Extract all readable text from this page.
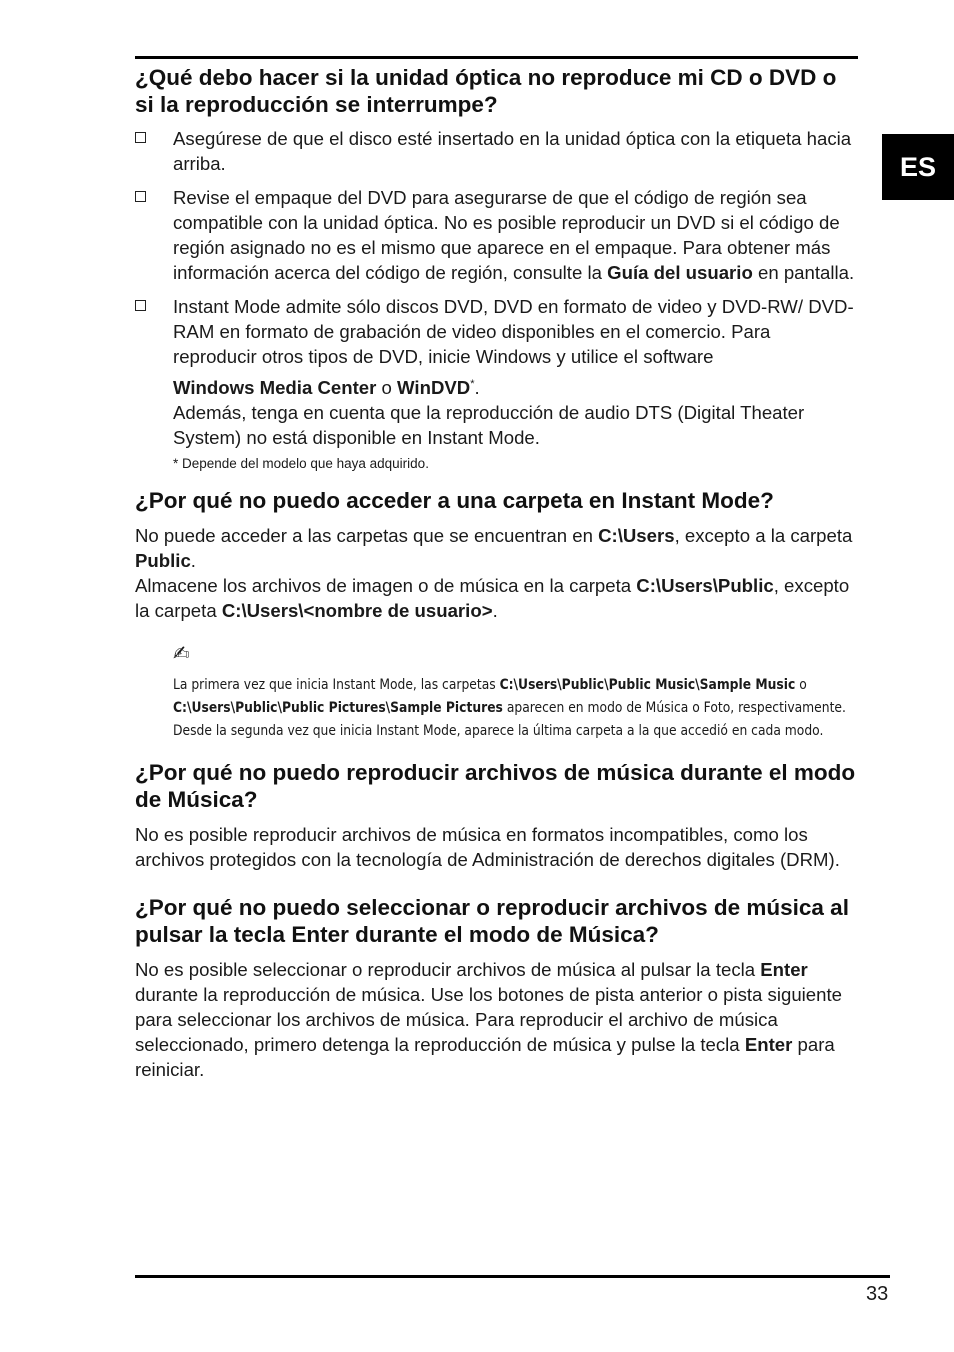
ES
¿Qué debo hacer si la unidad óptica no reproduce mi CD o DVD o si la reproducción se interrumpe?

Asegúrese de que el disco esté insertado en la unidad óptica con la etiqueta hacia arriba.

Revise el empaque del DVD para asegurarse de que el código de región sea compatible con la unidad óptica. No es posible reproducir un DVD si el código de región asignado no es el mismo que aparece en el empaque. Para obtener más información acerca del código de región, consulte la Guía del usuario en pantalla.

Instant Mode admite sólo discos DVD, DVD en formato de video y DVD-RW/ DVD-RAM en formato de grabación de video disponibles en el comercio. Para reproducir otros tipos de DVD, inicie Windows y utilice el software

Windows Media Center o WinDVD*.

Además, tenga en cuenta que la reproducción de audio DTS (Digital Theater System) no está disponible en Instant Mode.

* Depende del modelo que haya adquirido.

¿Por qué no puedo acceder a una carpeta en Instant Mode?

No puede acceder a las carpetas que se encuentran en C:\Users, excepto a la carpeta Public.
Almacene los archivos de imagen o de música en la carpeta C:\Users\Public, excepto la carpeta C:\Users\<nombre de usuario>.

✍

La primera vez que inicia Instant Mode, las carpetas C:\Users\Public\Public Music\Sample Music o C:\Users\Public\Public Pictures\Sample Pictures aparecen en modo de Música o Foto, respectivamente. Desde la segunda vez que inicia Instant Mode, aparece la última carpeta a la que accedió en cada modo.

¿Por qué no puedo reproducir archivos de música durante el modo de Música?

No es posible reproducir archivos de música en formatos incompatibles, como los archivos protegidos con la tecnología de Administración de derechos digitales (DRM).

¿Por qué no puedo seleccionar o reproducir archivos de música al pulsar la tecla Enter durante el modo de Música?

No es posible seleccionar o reproducir archivos de música al pulsar la tecla Enter durante la reproducción de música. Use los botones de pista anterior o pista siguiente para seleccionar los archivos de música. Para reproducir el archivo de música seleccionado, primero detenga la reproducción de música y pulse la tecla Enter para reiniciar.

33
